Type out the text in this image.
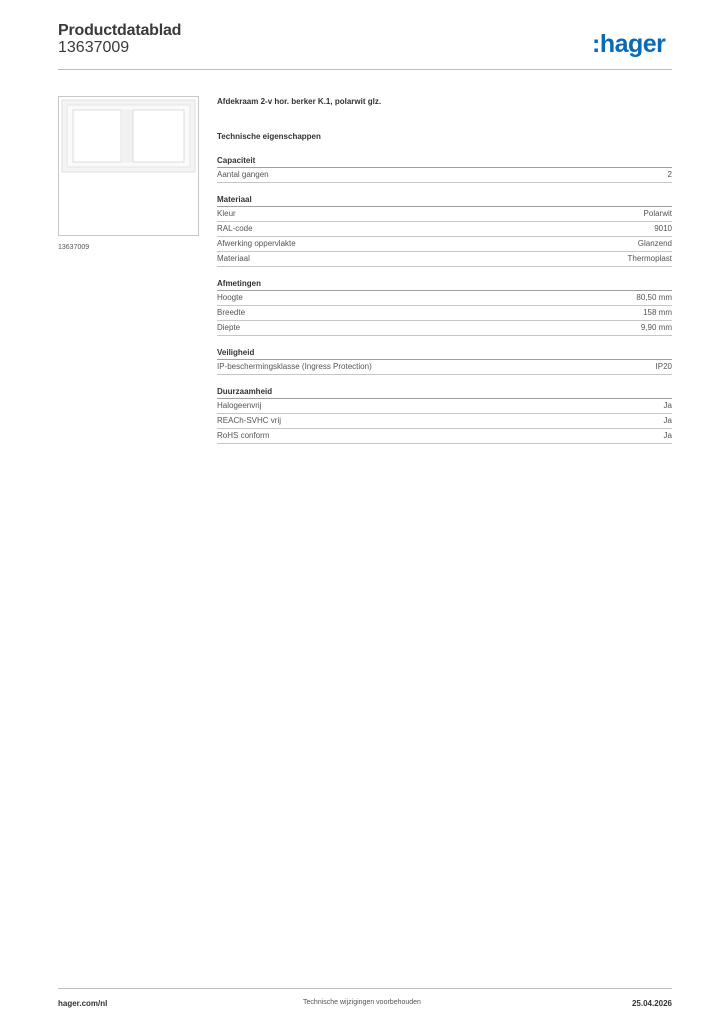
Productdatablad
13637009	:hager
13637009
Afdekraam 2-v hor. berker K.1, polarwit glz.
Technische eigenschappen
Capaciteit
Aantal gangen	2
Materiaal
Kleur	Polarwit
RAL-code	9010
Afwerking oppervlakte	Glanzend
Materiaal	Thermoplast
Afmetingen
Hoogte	80,50 mm
Breedte	158 mm
Diepte	9,90 mm
Veiligheid
IP-beschermingsklasse (Ingress Protection)	IP20
Duurzaamheid
Halogeenvrij	Ja
REACh-SVHC vrij	Ja
RoHS conform	Ja
hager.com/nl	Technische wijzigingen voorbehouden	25.04.2026
